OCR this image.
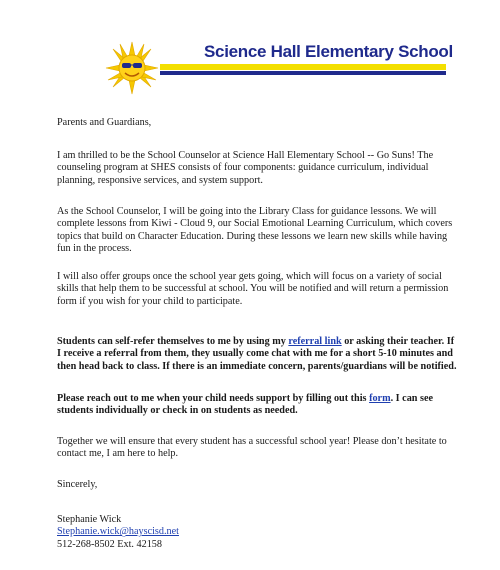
Science Hall Elementary School

Parents and Guardians,

I am thrilled to be the School Counselor at Science Hall Elementary School -- Go Suns! The counseling program at SHES consists of four components: guidance curriculum, individual planning, responsive services, and system support.

As the School Counselor, I will be going into the Library Class for guidance lessons. We will complete lessons from Kiwi - Cloud 9, our Social Emotional Learning Curriculum, which covers topics that build on Character Education. During these lessons we learn new skills while having fun in the process.

I will also offer groups once the school year gets going, which will focus on a variety of social skills that help them to be successful at school. You will be notified and will return a permission form if you wish for your child to participate.

Students can self-refer themselves to me by using my referral link or asking their teacher. If I receive a referral from them, they usually come chat with me for a short 5-10 minutes and then head back to class. If there is an immediate concern, parents/guardians will be notified.

Please reach out to me when your child needs support by filling out this form. I can see students individually or check in on students as needed.

Together we will ensure that every student has a successful school year! Please don’t hesitate to contact me, I am here to help.

Sincerely,

Stephanie Wick
Stephanie.wick@hayscisd.net
512-268-8502 Ext. 42158
